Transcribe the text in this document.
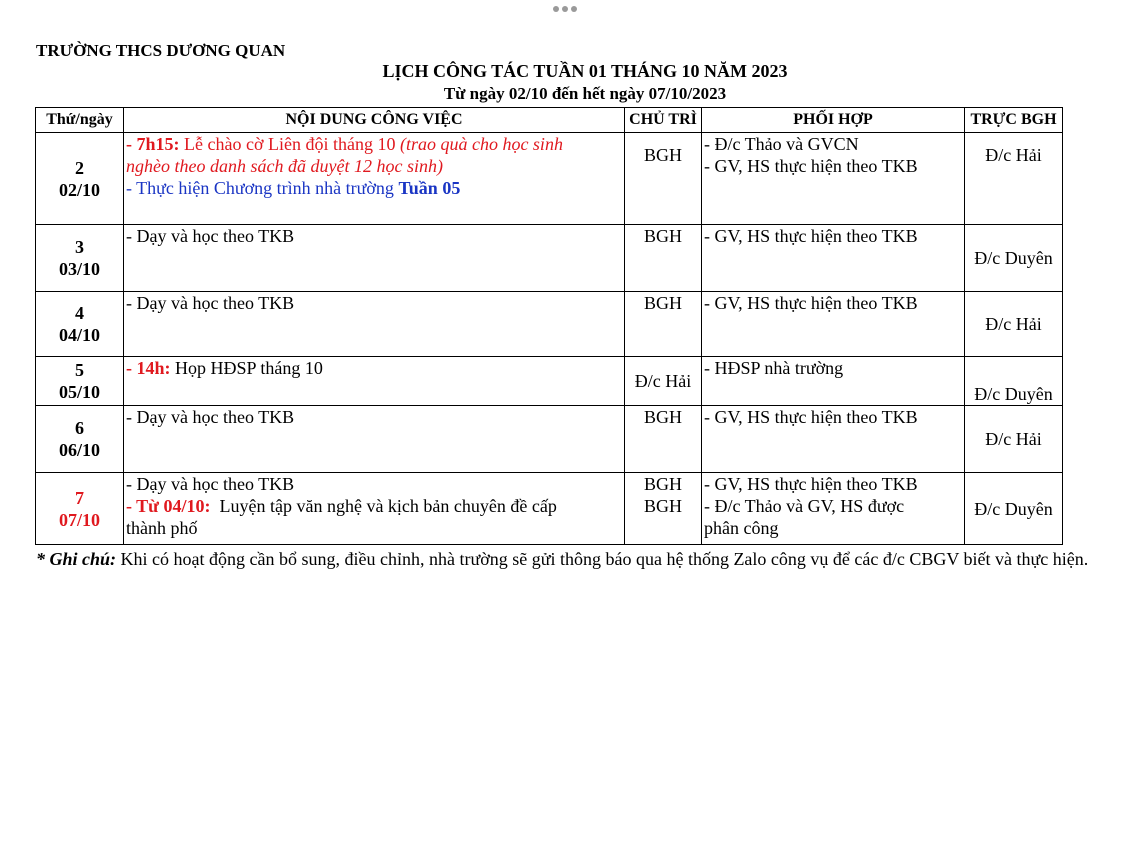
TRƯỜNG THCS DƯƠNG QUAN
LỊCH CÔNG TÁC TUẦN 01 THÁNG 10 NĂM 2023
Từ ngày 02/10 đến hết ngày 07/10/2023
Thứ/ngày	NỘI DUNG CÔNG VIỆC	CHỦ TRÌ	PHỐI HỢP	TRỰC BGH

2
02/10	- 7h15: Lễ chào cờ Liên đội tháng 10 (trao quà cho học sinh
nghèo theo danh sách đã duyệt 12 học sinh)
- Thực hiện Chương trình nhà trường Tuần 05	BGH	- Đ/c Thảo và GVCN
- GV, HS thực hiện theo TKB	Đ/c Hải

3
03/10	- Dạy và học theo TKB	BGH	- GV, HS thực hiện theo TKB	Đ/c Duyên

4
04/10	- Dạy và học theo TKB	BGH	- GV, HS thực hiện theo TKB	Đ/c Hải

5
05/10	- 14h: Họp HĐSP tháng 10	Đ/c Hải	- HĐSP nhà trường	Đ/c Duyên

6
06/10	- Dạy và học theo TKB	BGH	- GV, HS thực hiện theo TKB	Đ/c Hải

7
07/10	- Dạy và học theo TKB
- Từ 04/10:  Luyện tập văn nghệ và kịch bản chuyên đề cấp
thành phố	BGH
BGH	- GV, HS thực hiện theo TKB
- Đ/c Thảo và GV, HS được
phân công	Đ/c Duyên
* Ghi chú: Khi có hoạt động cần bổ sung, điều chỉnh, nhà trường sẽ gửi thông báo qua hệ thống Zalo công vụ để các đ/c CBGV biết và thực hiện.
